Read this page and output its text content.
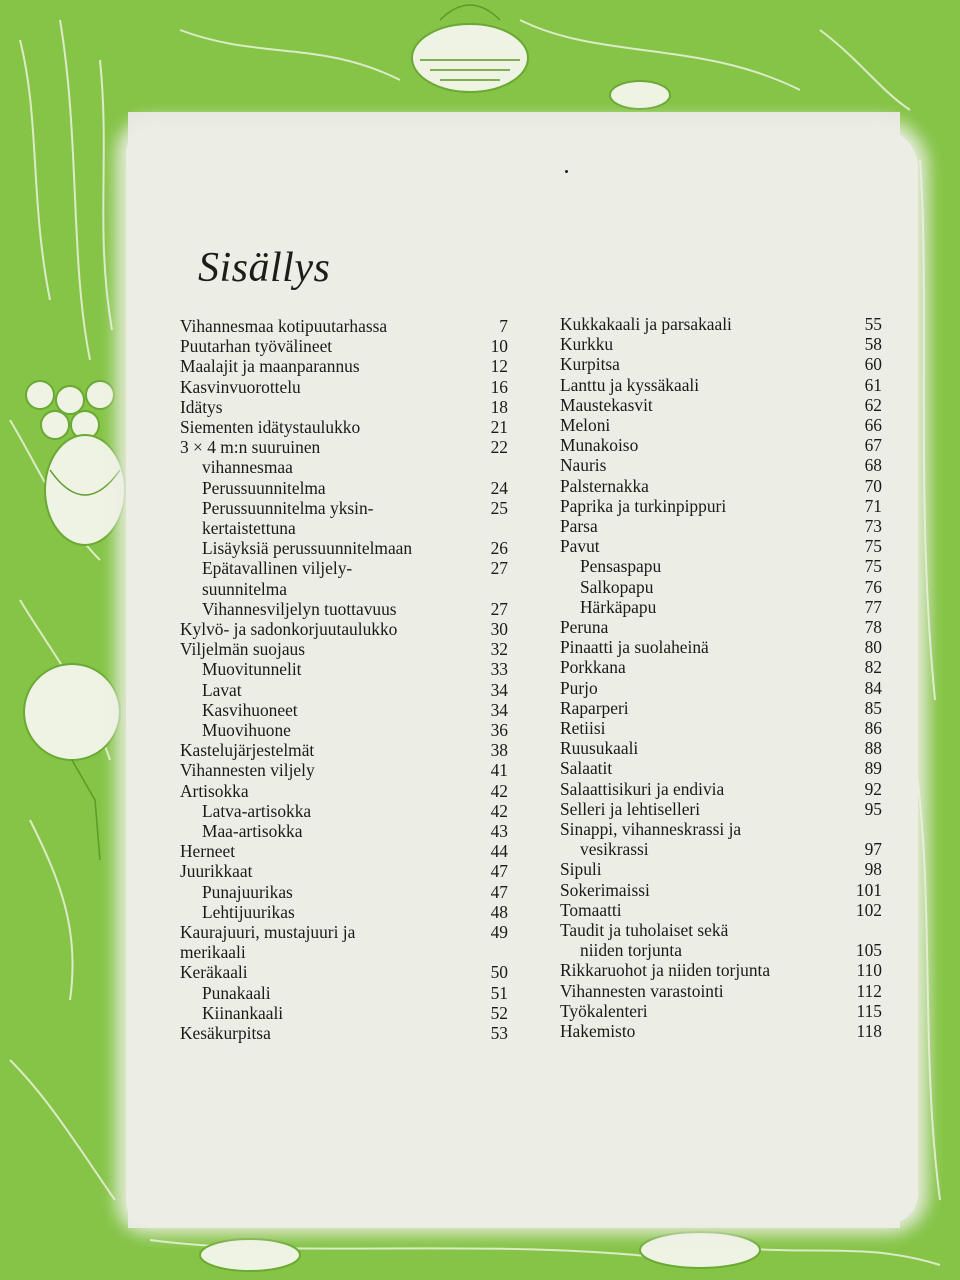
Sisällys
Vihannesmaa kotipuutarhassa	7
Puutarhan työvälineet	10
Maalajit ja maanparannus	12
Kasvinvuorottelu	16
Idätys	18
Siementen idätystaulukko	21
3 × 4 m:n suuruinen	22
vihannesmaa
Perussuunnitelma	24
Perussuunnitelma yksin-	25
kertaistettuna
Lisäyksiä perussuunnitelmaan	26
Epätavallinen viljely-	27
suunnitelma
Vihannesviljelyn tuottavuus	27
Kylvö- ja sadonkorjuutaulukko	30
Viljelmän suojaus	32
Muovitunnelit	33
Lavat	34
Kasvihuoneet	34
Muovihuone	36
Kastelujärjestelmät	38
Vihannesten viljely	41
Artisokka	42
Latva-artisokka	42
Maa-artisokka	43
Herneet	44
Juurikkaat	47
Punajuurikas	47
Lehtijuurikas	48
Kaurajuuri, mustajuuri ja	49
merikaali
Keräkaali	50
Punakaali	51
Kiinankaali	52
Kesäkurpitsa	53
Kukkakaali ja parsakaali	55
Kurkku	58
Kurpitsa	60
Lanttu ja kyssäkaali	61
Maustekasvit	62
Meloni	66
Munakoiso	67
Nauris	68
Palsternakka	70
Paprika ja turkinpippuri	71
Parsa	73
Pavut	75
Pensaspapu	75
Salkopapu	76
Härkäpapu	77
Peruna	78
Pinaatti ja suolaheinä	80
Porkkana	82
Purjo	84
Raparperi	85
Retiisi	86
Ruusukaali	88
Salaatit	89
Salaattisikuri ja endivia	92
Selleri ja lehtiselleri	95
Sinappi, vihanneskrassi ja
vesikrassi	97
Sipuli	98
Sokerimaissi	101
Tomaatti	102
Taudit ja tuholaiset sekä
niiden torjunta	105
Rikkaruohot ja niiden torjunta	110
Vihannesten varastointi	112
Työkalenteri	115
Hakemisto	118
